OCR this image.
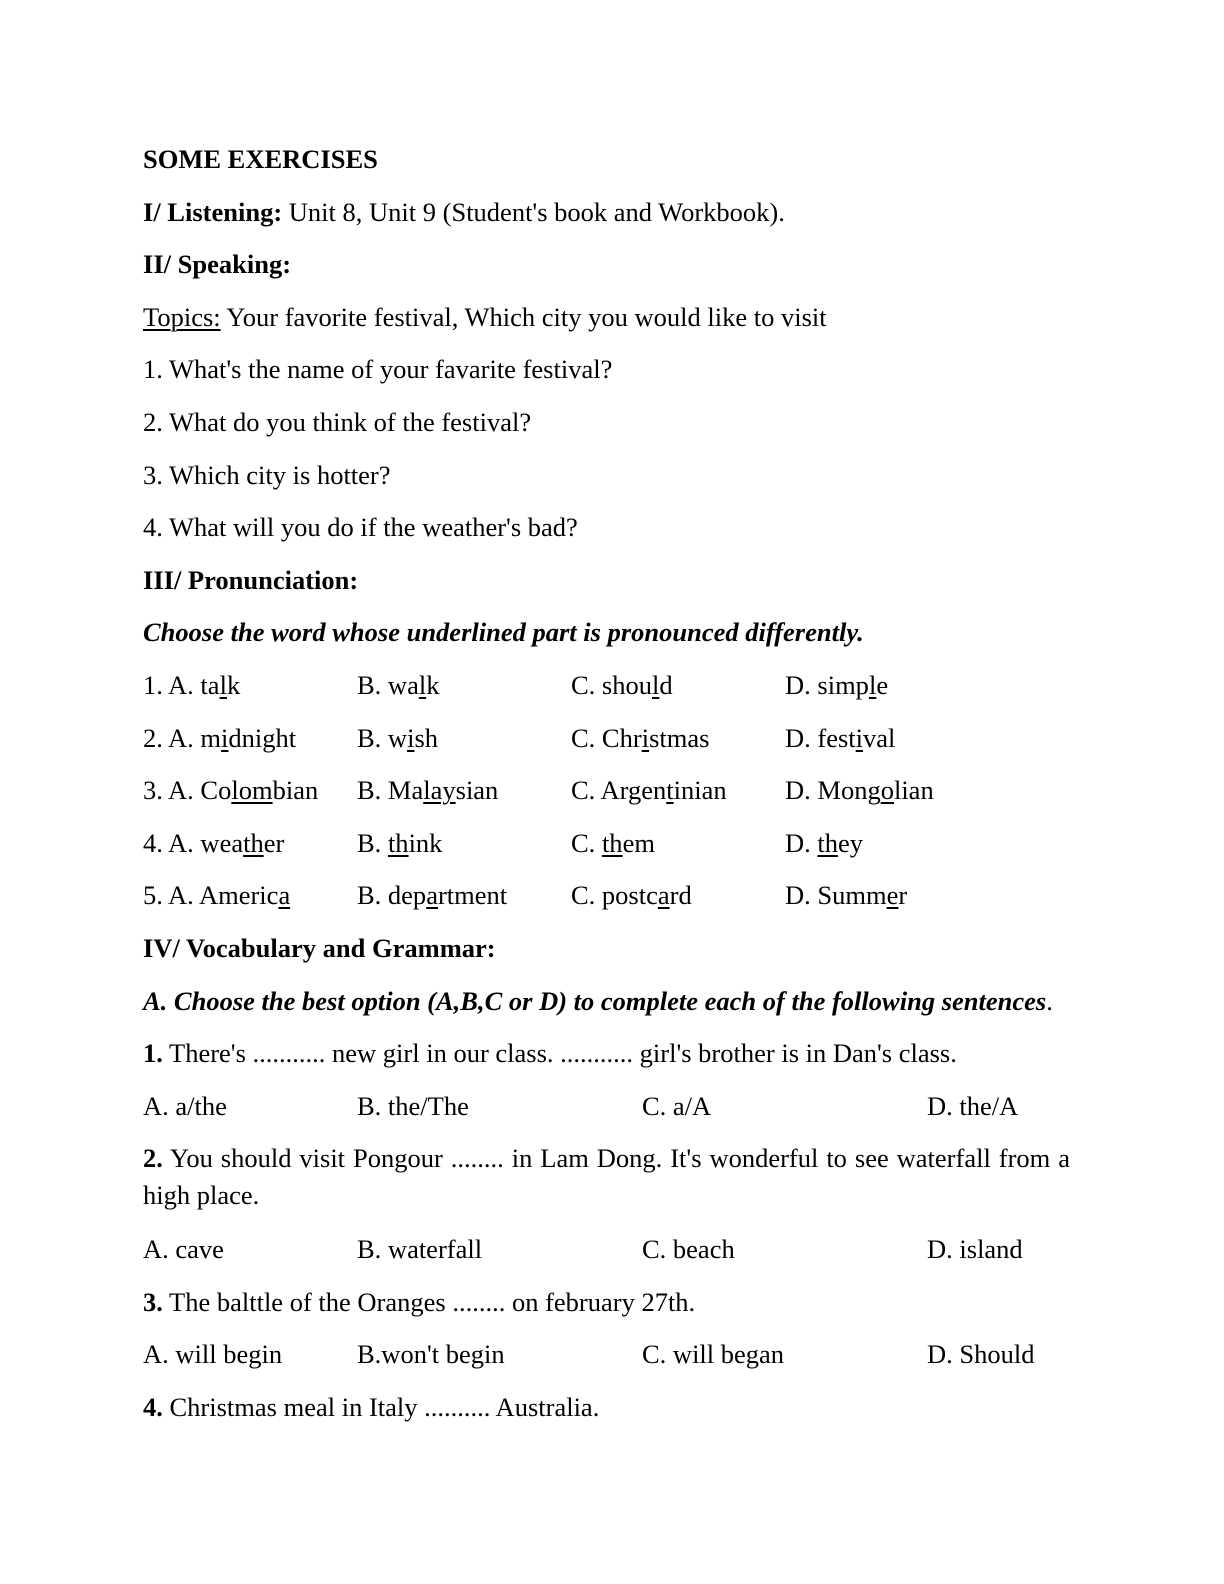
SOME EXERCISES
I/ Listening: Unit 8, Unit 9 (Student's book and Workbook).
II/ Speaking:
Topics: Your favorite festival, Which city you would like to visit
1. What's the name of your favarite festival?
2. What do you think of the festival?
3. Which city is hotter?
4. What will you do if the weather's bad?
III/ Pronunciation:
Choose the word whose underlined part is pronounced differently.
1. A. talk	B. walk	C. should	D. simple
2. A. midnight B. wish	C. Christmas	D. festival
3. A. Colombian B. Malaysian	C. Argentinian D. Mongolian
4. A. weather	B. think	C. them	D. they
5. A. America	B. department C. postcard	D. Summer
IV/ Vocabulary and Grammar:
A. Choose the best option (A,B,C or D) to complete each of the following sentences.
1. There's ........... new girl in our class. ........... girl's brother is in Dan's class.
A. a/the	B. the/The	C. a/A	D. the/A
2. You should visit Pongour ........ in Lam Dong. It's wonderful to see waterfall from a high place.
A. cave	B. waterfall	C. beach	D. island
3. The balttle of the Oranges ........ on february 27th.
A. will begin	B.won't begin	C. will began	D. Should
4. Christmas meal in Italy .......... Australia.
